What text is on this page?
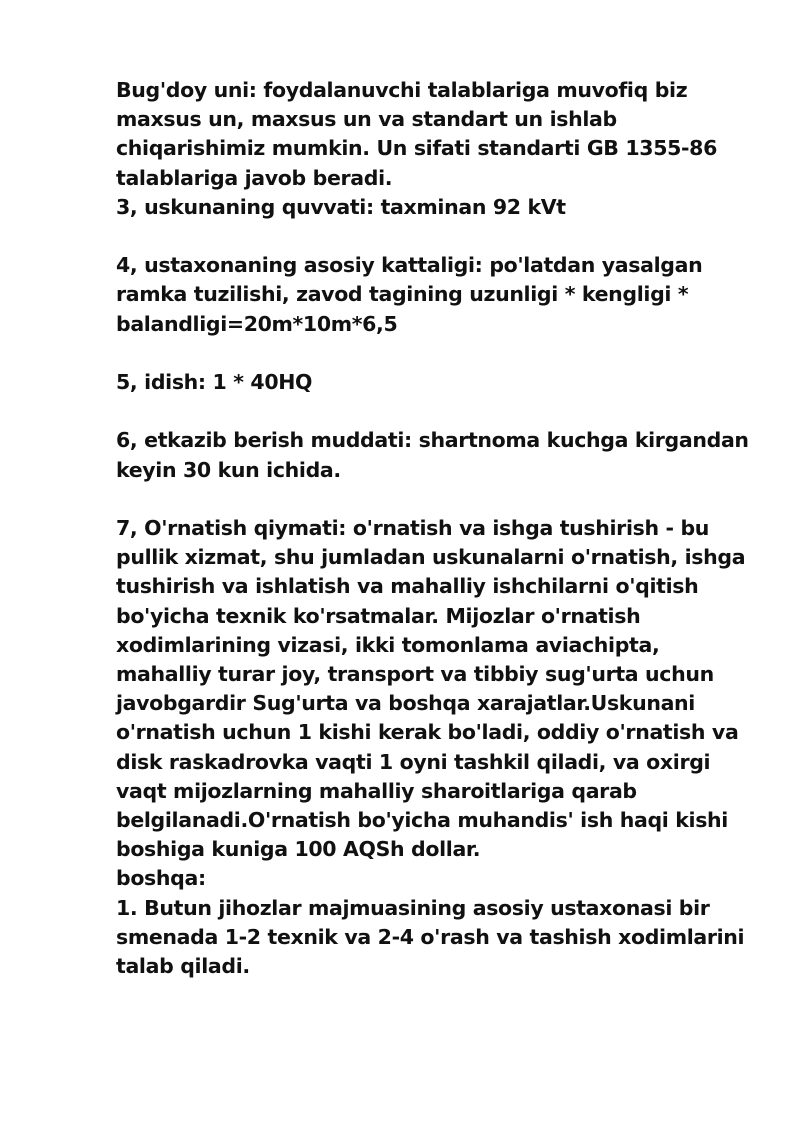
Bug'doy uni: foydalanuvchi talablariga muvofiq biz maxsus un, maxsus un va standart un ishlab chiqarishimiz mumkin. Un sifati standarti GB 1355-86 talablariga javob beradi.

3, uskunaning quvvati: taxminan 92 kVt

4, ustaxonaning asosiy kattaligi: po'latdan yasalgan ramka tuzilishi, zavod tagining uzunligi * kengligi * balandligi=20m*10m*6,5

5, idish: 1 * 40HQ

6, etkazib berish muddati: shartnoma kuchga kirgandan keyin 30 kun ichida.

7, O'rnatish qiymati: o'rnatish va ishga tushirish - bu pullik xizmat, shu jumladan uskunalarni o'rnatish, ishga tushirish va ishlatish va mahalliy ishchilarni o'qitish bo'yicha texnik ko'rsatmalar. Mijozlar o'rnatish xodimlarining vizasi, ikki tomonlama aviachipta, mahalliy turar joy, transport va tibbiy sug'urta uchun javobgardir Sug'urta va boshqa xarajatlar.Uskunani o'rnatish uchun 1 kishi kerak bo'ladi, oddiy o'rnatish va disk raskadrovka vaqti 1 oyni tashkil qiladi, va oxirgi vaqt mijozlarning mahalliy sharoitlariga qarab belgilanadi.O'rnatish bo'yicha muhandis' ish haqi kishi boshiga kuniga 100 AQSh dollar.

boshqa:

1. Butun jihozlar majmuasining asosiy ustaxonasi bir smenada 1-2 texnik va 2-4 o'rash va tashish xodimlarini talab qiladi.
